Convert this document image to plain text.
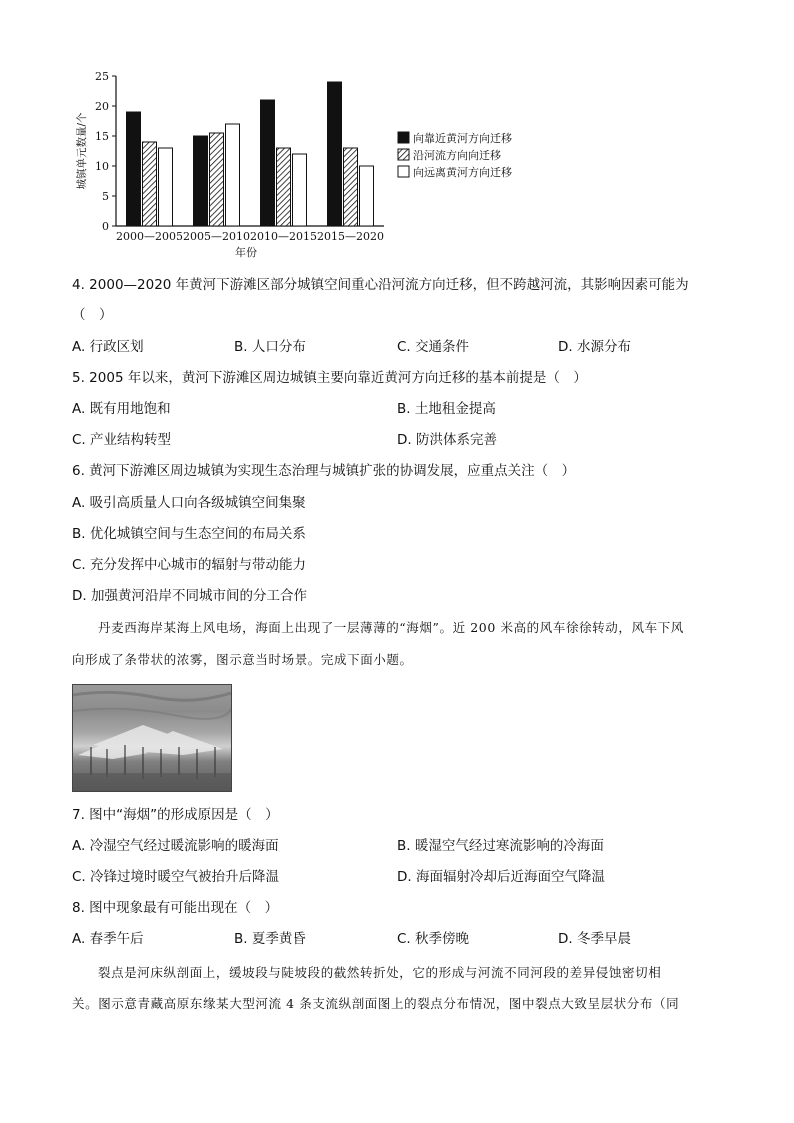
0
5
10
15
20
25
城镇单元数量/个
2000—2005 2005—2010 2010—2015 2015—2020
年份
向靠近黄河方向迁移
沿河流方向向迁移
向远离黄河方向迁移
4. 2000—2020 年黄河下游滩区部分城镇空间重心沿河流方向迁移，但不跨越河流，其影响因素可能为
（　）
A. 行政区划	B. 人口分布	C. 交通条件	D. 水源分布
5. 2005 年以来，黄河下游滩区周边城镇主要向靠近黄河方向迁移的基本前提是（　）
A. 既有用地饱和	B. 土地租金提高
C. 产业结构转型	D. 防洪体系完善
6. 黄河下游滩区周边城镇为实现生态治理与城镇扩张的协调发展，应重点关注（　）
A. 吸引高质量人口向各级城镇空间集聚
B. 优化城镇空间与生态空间的布局关系
C. 充分发挥中心城市的辐射与带动能力
D. 加强黄河沿岸不同城市间的分工合作
丹麦西海岸某海上风电场，海面上出现了一层薄薄的“海烟”。近 200 米高的风车徐徐转动，风车下风
向形成了条带状的浓雾，图示意当时场景。完成下面小题。
7. 图中“海烟”的形成原因是（　）
A. 冷湿空气经过暖流影响的暖海面	B. 暖湿空气经过寒流影响的冷海面
C. 冷锋过境时暖空气被抬升后降温	D. 海面辐射冷却后近海面空气降温
8. 图中现象最有可能出现在（　）
A. 春季午后	B. 夏季黄昏	C. 秋季傍晚	D. 冬季早晨
裂点是河床纵剖面上，缓坡段与陡坡段的截然转折处，它的形成与河流不同河段的差异侵蚀密切相
关。图示意青藏高原东缘某大型河流 4 条支流纵剖面图上的裂点分布情况，图中裂点大致呈层状分布（同
